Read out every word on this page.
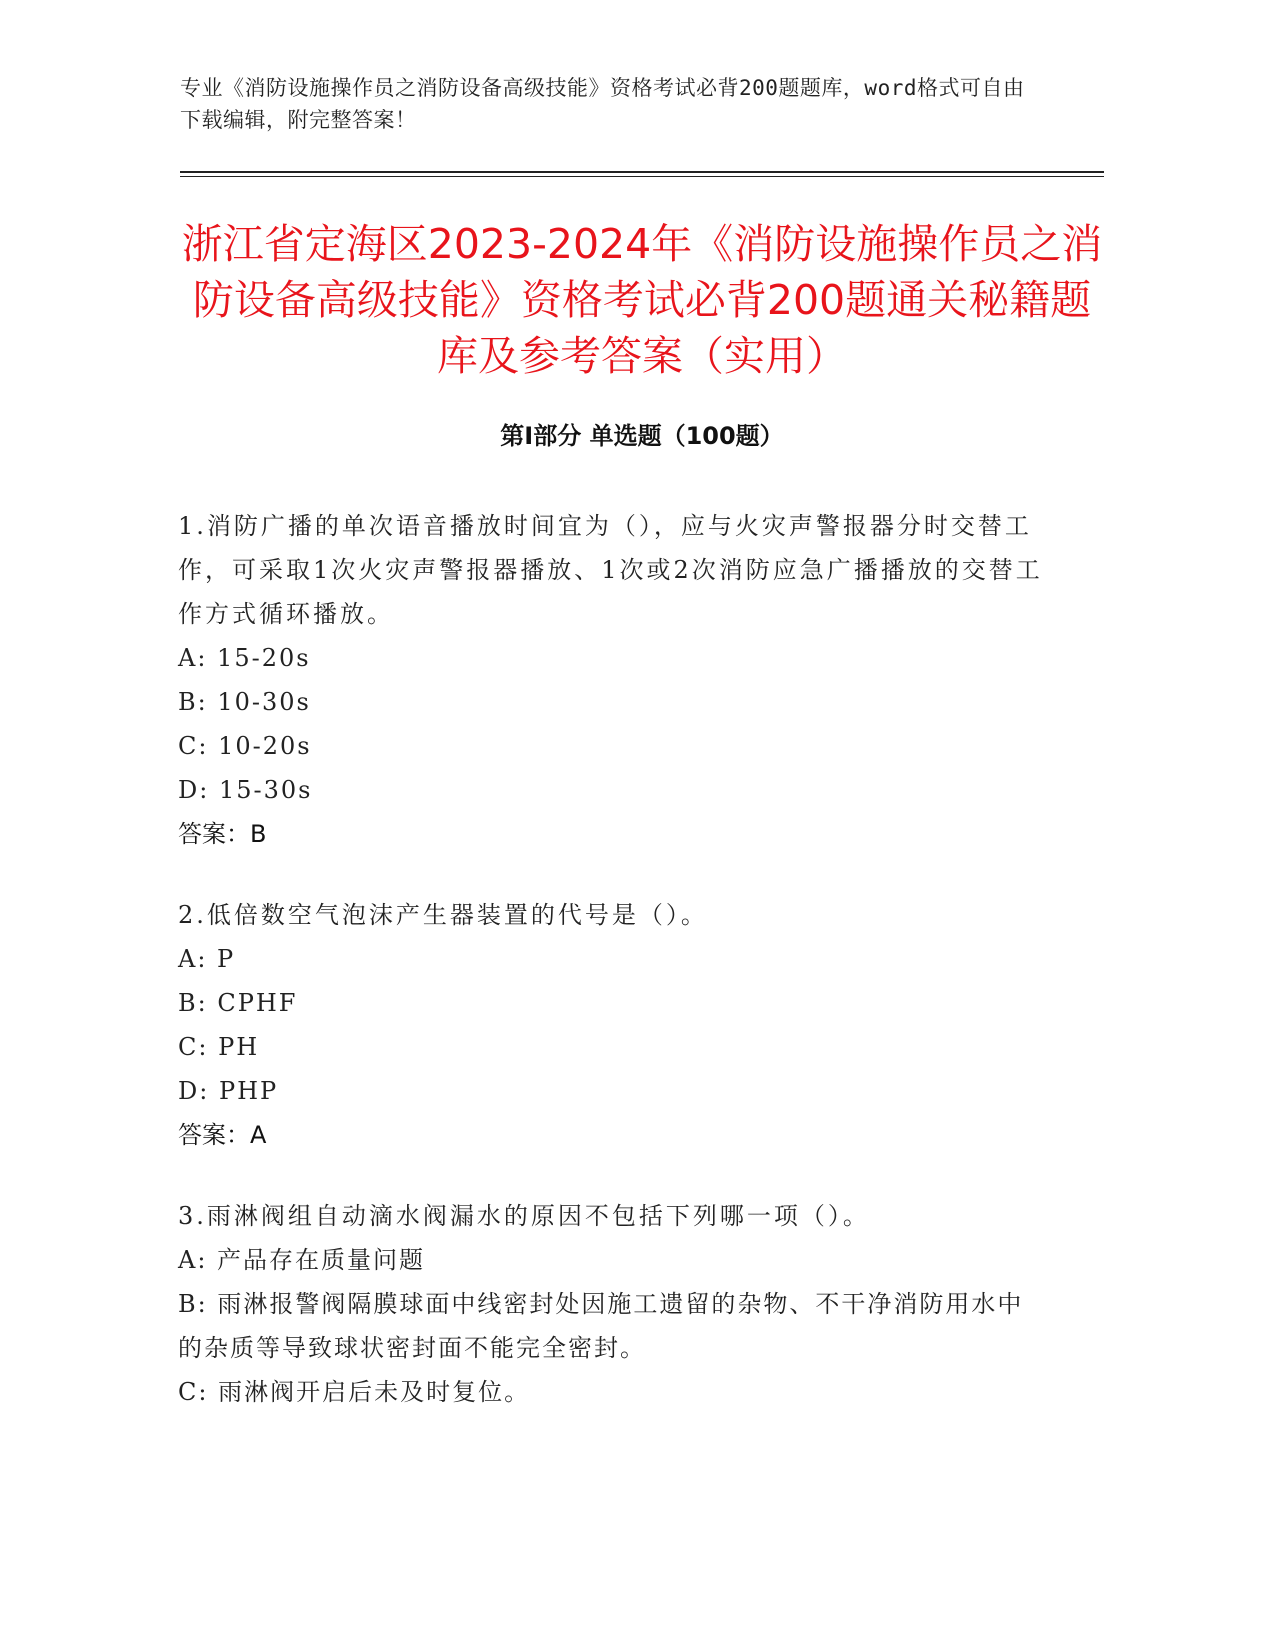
专业《消防设施操作员之消防设备高级技能》资格考试必背200题题库，word格式可自由下载编辑，附完整答案！
浙江省定海区2023-2024年《消防设施操作员之消防设备高级技能》资格考试必背200题通关秘籍题库及参考答案（实用）
第I部分 单选题（100题）

1.消防广播的单次语音播放时间宜为（），应与火灾声警报器分时交替工作，可采取1次火灾声警报器播放、1次或2次消防应急广播播放的交替工作方式循环播放。

A: 15-20s

B: 10-30s

C: 10-20s

D: 15-30s

答案：B

2.低倍数空气泡沫产生器装置的代号是（）。

A: P

B: CPHF

C: PH

D: PHP

答案：A

3.雨淋阀组自动滴水阀漏水的原因不包括下列哪一项（）。

A: 产品存在质量问题

B: 雨淋报警阀隔膜球面中线密封处因施工遗留的杂物、不干净消防用水中的杂质等导致球状密封面不能完全密封。

C: 雨淋阀开启后未及时复位。
